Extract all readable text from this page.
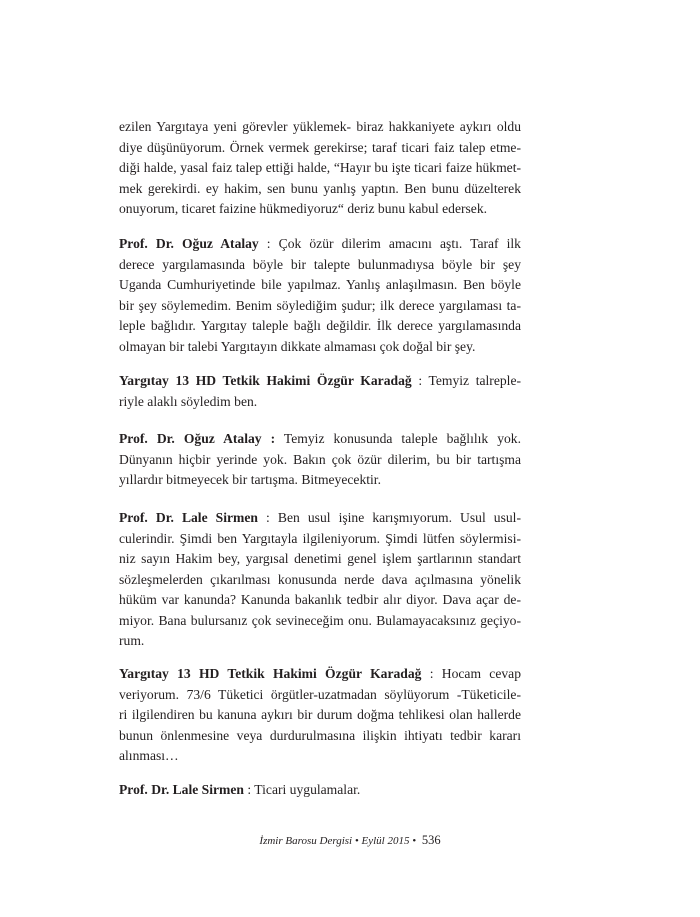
ezilen Yargıtaya yeni görevler yüklemek- biraz hakkaniyete aykırı oldu
diye düşünüyorum. Örnek vermek gerekirse; taraf ticari faiz talep etme-
diği halde, yasal faiz talep ettiği halde, “Hayır bu işte ticari faize hükmet-
mek gerekirdi. ey hakim, sen bunu yanlış yaptın. Ben bunu düzelterek
onuyorum, ticaret faizine hükmediyoruz“ deriz bunu kabul edersek.
Prof. Dr. Oğuz Atalay : Çok özür dilerim amacını aştı. Taraf ilk
derece yargılamasında böyle bir talepte bulunmadıysa böyle bir şey
Uganda Cumhuriyetinde bile yapılmaz. Yanlış anlaşılmasın. Ben böyle
bir şey söylemedim. Benim söylediğim şudur; ilk derece yargılaması ta-
leple bağlıdır. Yargıtay taleple bağlı değildir. İlk derece yargılamasında
olmayan bir talebi Yargıtayın dikkate almaması çok doğal bir şey.
Yargıtay 13 HD Tetkik Hakimi Özgür Karadağ : Temyiz talreple-
riyle alaklı söyledim ben.
Prof. Dr. Oğuz Atalay : Temyiz konusunda taleple bağlılık yok.
Dünyanın hiçbir yerinde yok. Bakın çok özür dilerim, bu bir tartışma
yıllardır bitmeyecek bir tartışma. Bitmeyecektir.
Prof. Dr. Lale Sirmen : Ben usul işine karışmıyorum. Usul usul-
culerindir. Şimdi ben Yargıtayla ilgileniyorum. Şimdi lütfen söylermisi-
niz sayın Hakim bey, yargısal denetimi genel işlem şartlarının standart
sözleşmelerden çıkarılması konusunda nerde dava açılmasına yönelik
hüküm var kanunda? Kanunda bakanlık tedbir alır diyor. Dava açar de-
miyor. Bana bulursanız çok sevineceğim onu. Bulamayacaksınız geçiyo-
rum.
Yargıtay 13 HD Tetkik Hakimi Özgür Karadağ : Hocam cevap
veriyorum. 73/6 Tüketici örgütler-uzatmadan söylüyorum -Tüketicile-
ri ilgilendiren bu kanuna aykırı bir durum doğma tehlikesi olan hallerde
bunun önlenmesine veya durdurulmasına ilişkin ihtiyatı tedbir kararı
alınması…
Prof. Dr. Lale Sirmen : Ticari uygulamalar.
İzmir Barosu Dergisi • Eylül 2015 • 536
